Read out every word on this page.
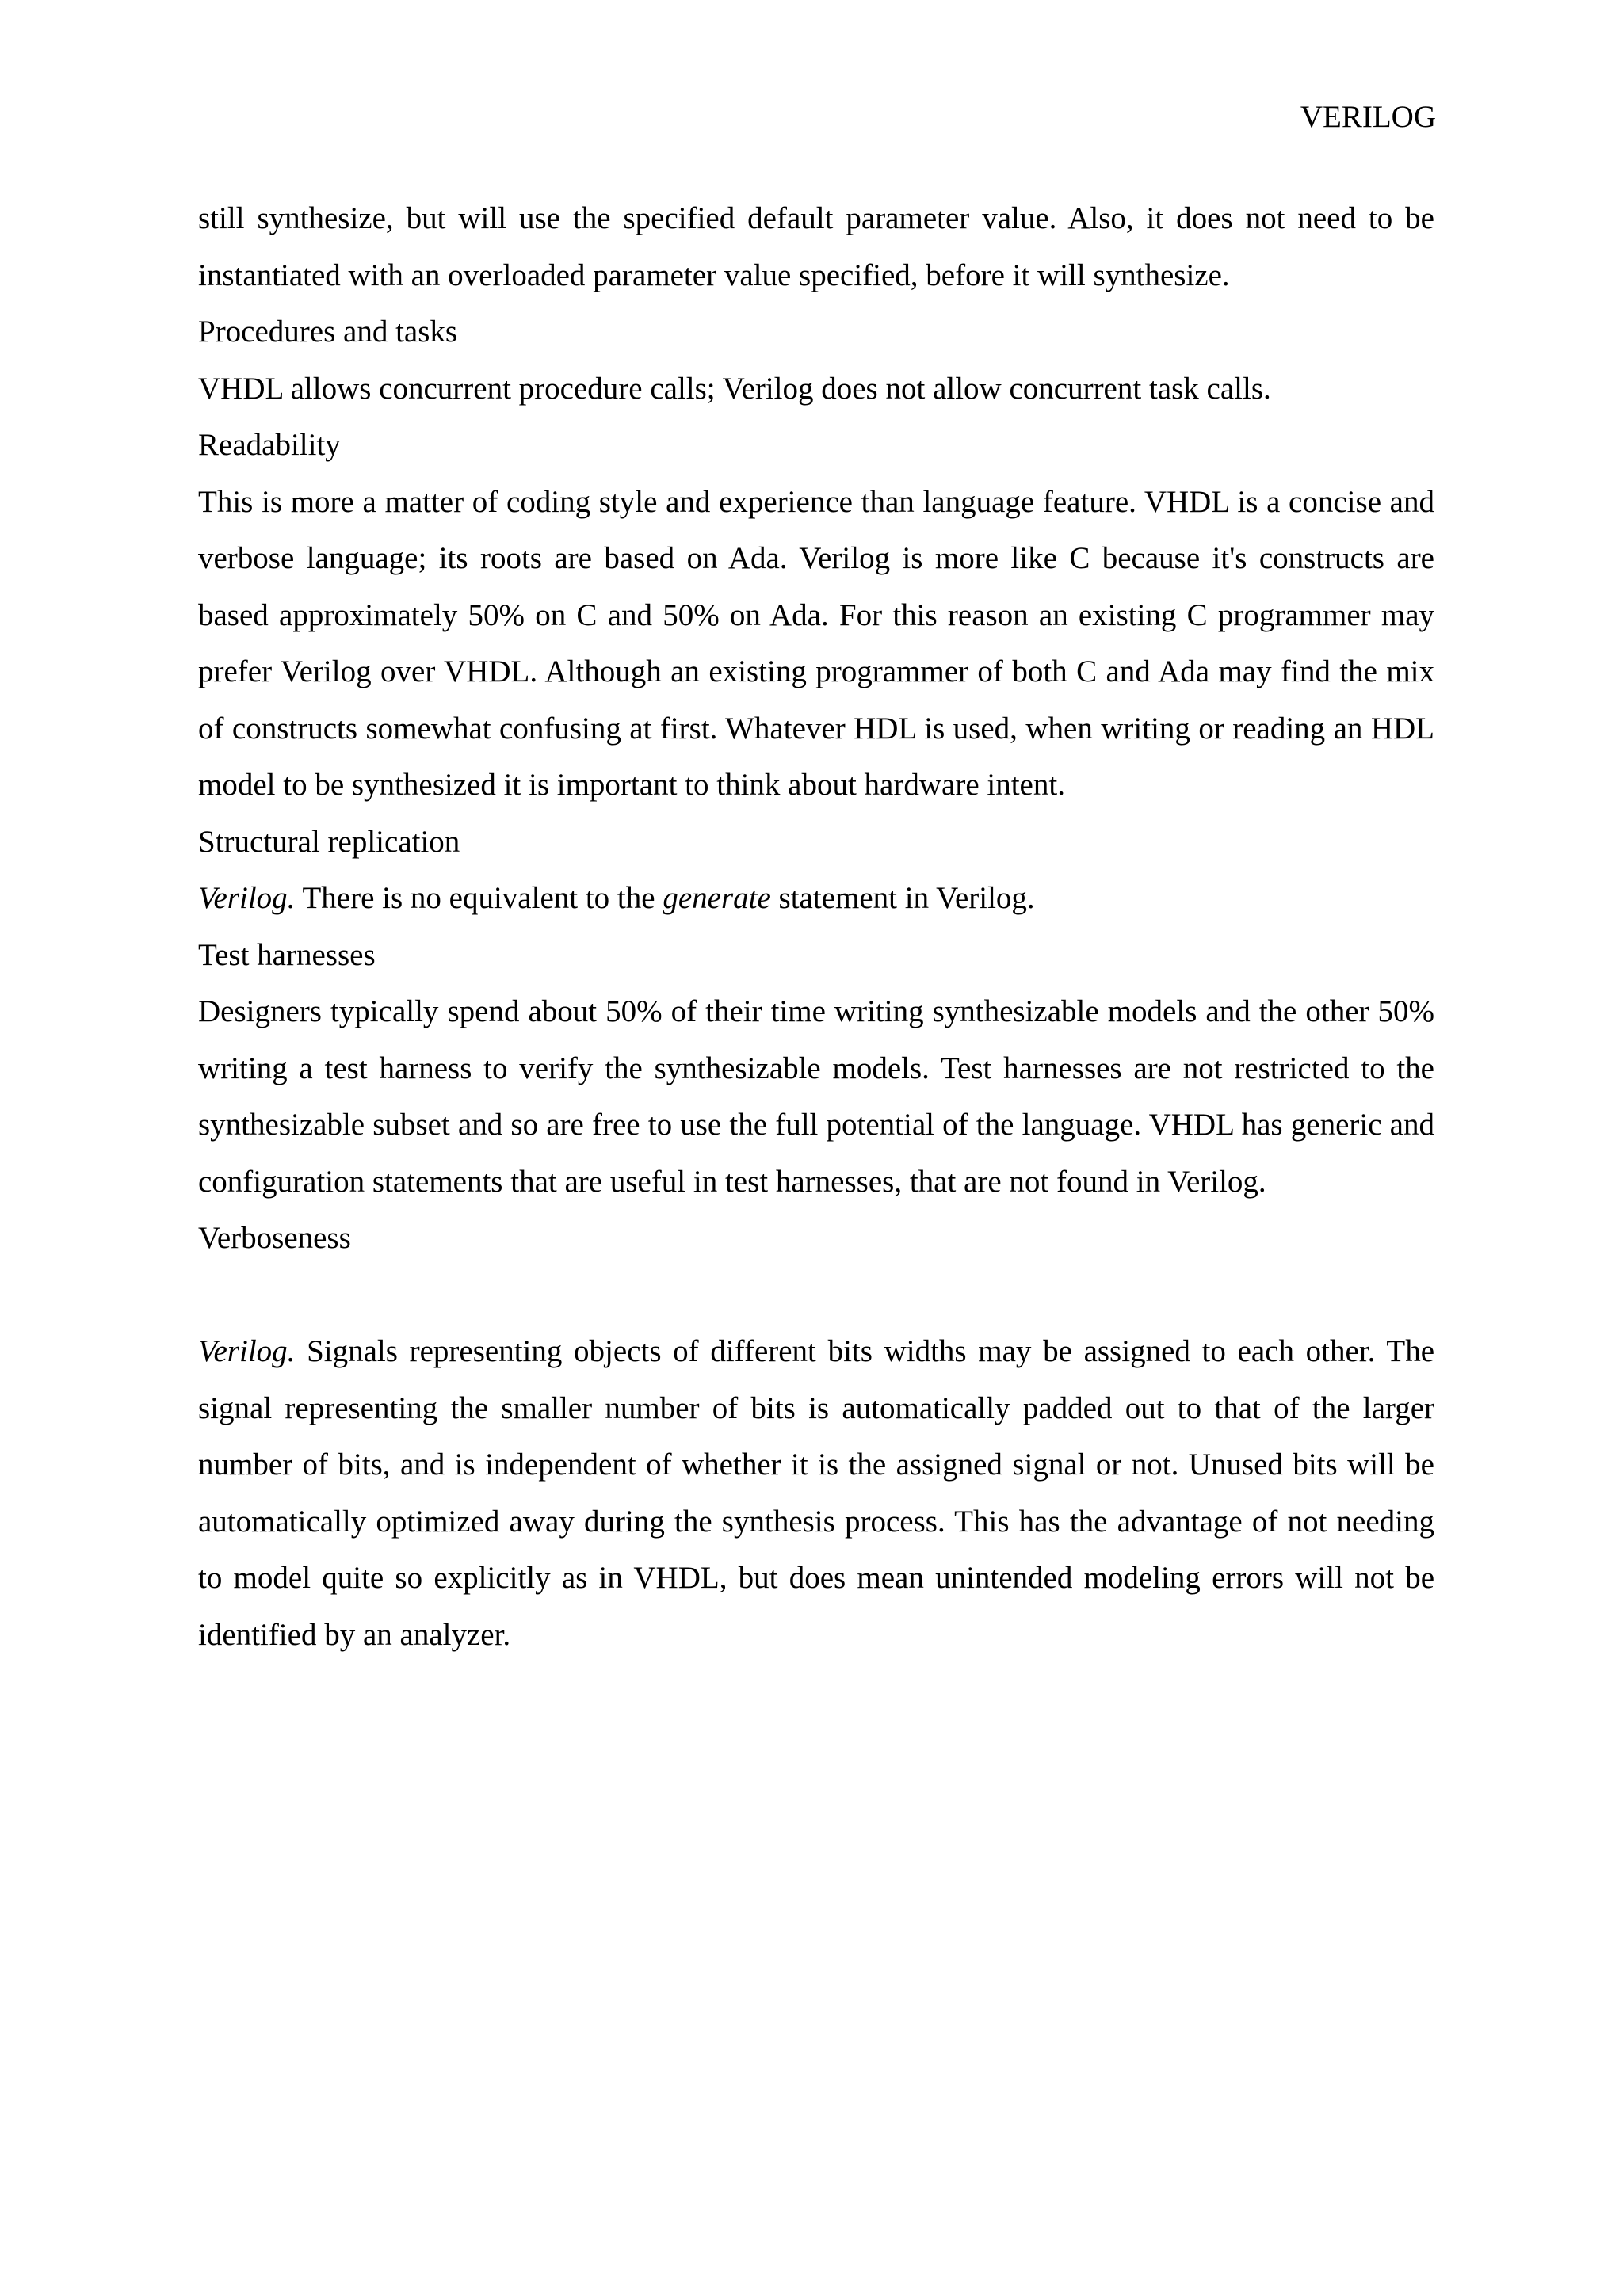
VERILOG

still synthesize, but will use the specified default parameter value. Also, it does not need to be instantiated with an overloaded parameter value specified, before it will synthesize.

Procedures and tasks

VHDL allows concurrent procedure calls; Verilog does not allow concurrent task calls.

Readability

This is more a matter of coding style and experience than language feature. VHDL is a concise and verbose language; its roots are based on Ada. Verilog is more like C because it's constructs are based approximately 50% on C and 50% on Ada. For this reason an existing C programmer may prefer Verilog over VHDL. Although an existing programmer of both C and Ada may find the mix of constructs somewhat confusing at first. Whatever HDL is used, when writing or reading an HDL model to be synthesized it is important to think about hardware intent.

Structural replication

Verilog. There is no equivalent to the generate statement in Verilog.

Test harnesses

Designers typically spend about 50% of their time writing synthesizable models and the other 50% writing a test harness to verify the synthesizable models. Test harnesses are not restricted to the synthesizable subset and so are free to use the full potential of the language. VHDL has generic and configuration statements that are useful in test harnesses, that are not found in Verilog.

Verboseness

Verilog. Signals representing objects of different bits widths may be assigned to each other. The signal representing the smaller number of bits is automatically padded out to that of the larger number of bits, and is independent of whether it is the assigned signal or not. Unused bits will be automatically optimized away during the synthesis process. This has the advantage of not needing to model quite so explicitly as in VHDL, but does mean unintended modeling errors will not be identified by an analyzer.
